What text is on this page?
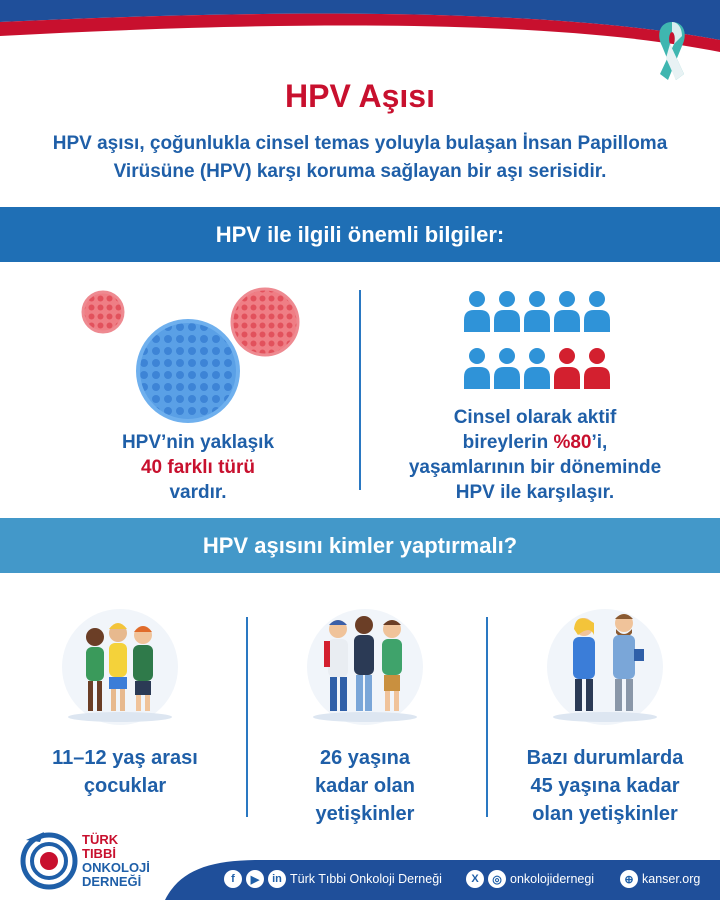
HPV Aşısı
HPV aşısı, çoğunlukla cinsel temas yoluyla bulaşan İnsan Papilloma Virüsüne (HPV) karşı koruma sağlayan bir aşı serisidir.
HPV ile ilgili önemli bilgiler:
HPV’nin yaklaşık
40 farklı türü
vardır.
Cinsel olarak aktif
bireylerin %80’i,
yaşamlarının bir döneminde
HPV ile karşılaşır.
HPV aşısını kimler yaptırmalı?
11–12 yaş arası
çocuklar
26 yaşına
kadar olan
yetişkinler
Bazı durumlarda
45 yaşına kadar
olan yetişkinler
TÜRK
TIBBİ
ONKOLOJİ
DERNEĞİ	f	▶	in Türk Tıbbi Onkoloji Derneği	X	◎ onkolojidernegi	⊕ kanser.org
